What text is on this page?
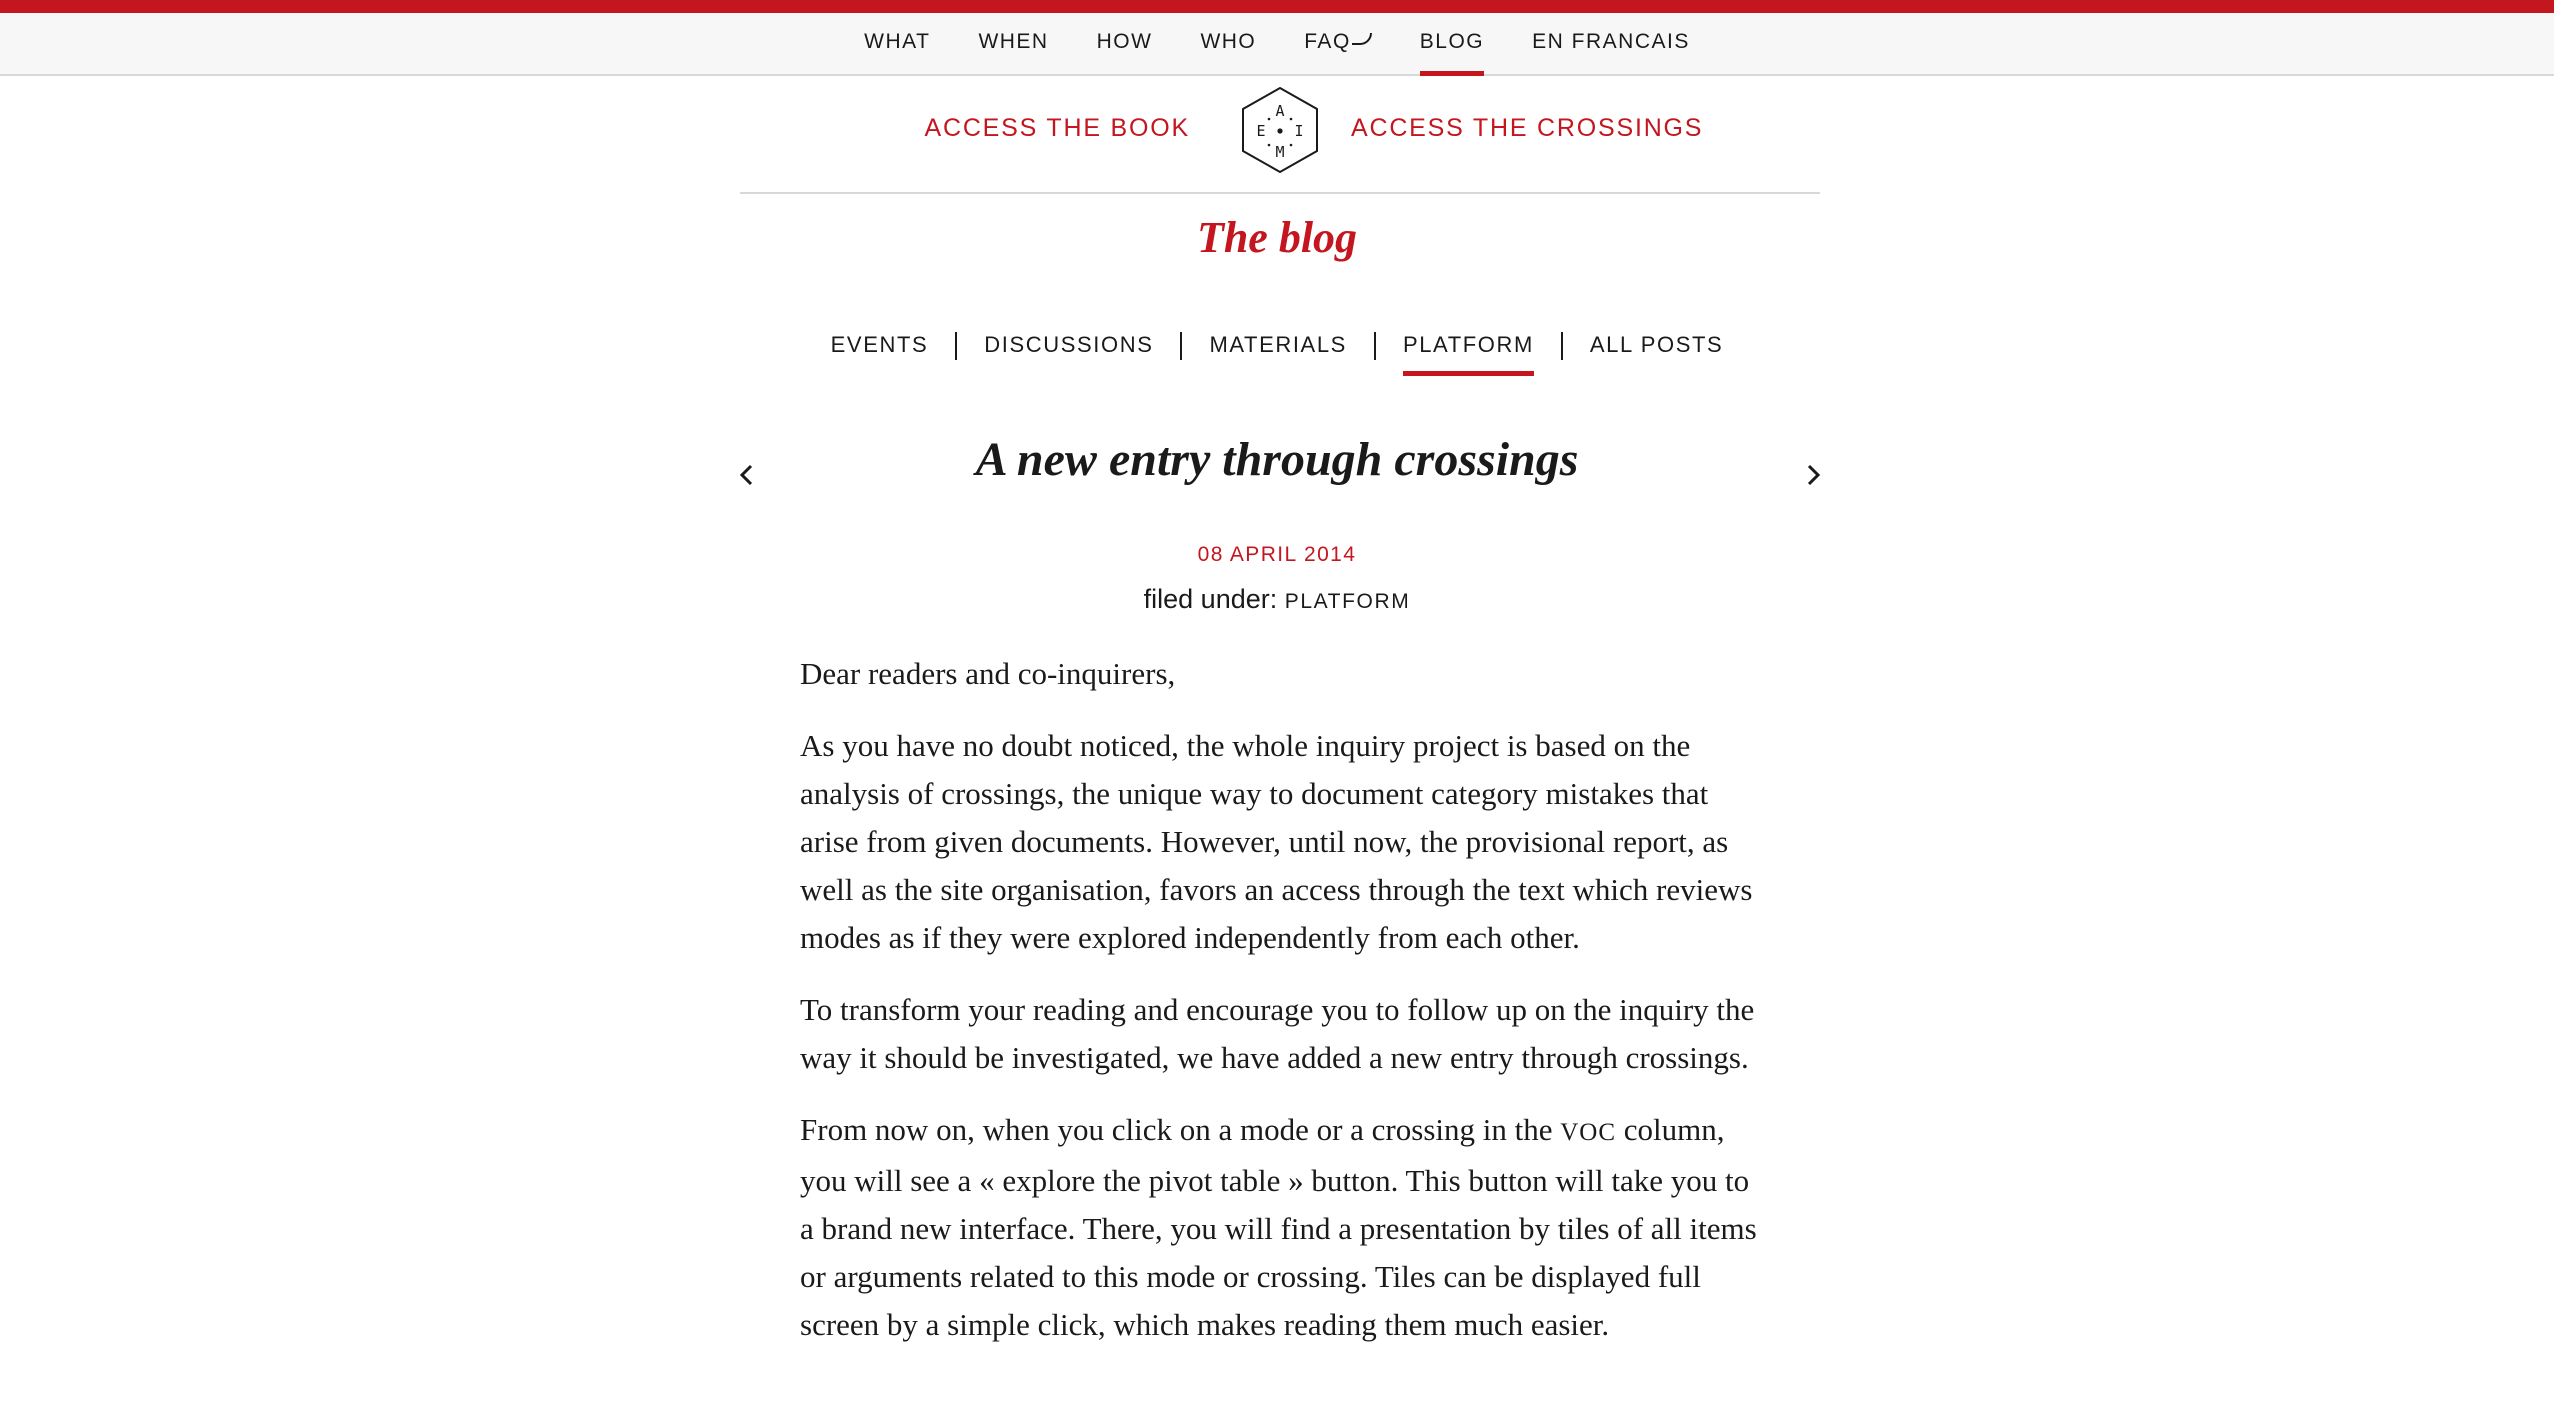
WHAT WHEN HOW WHO FAQ	BLOG EN FRANCAIS
ACCESS THE BOOK
A
E I
M
ACCESS THE CROSSINGS
The blog
EVENTS	DISCUSSIONS	MATERIALS	PLATFORM	ALL POSTS
A new entry through crossings
08 APRIL 2014
filed under: PLATFORM

Dear readers and co-inquirers,

As you have no doubt noticed, the whole inquiry project is based on the analysis of crossings, the unique way to document category mistakes that arise from given documents. However, until now, the provisional report, as well as the site organisation, favors an access through the text which reviews modes as if they were explored independently from each other.

To transform your reading and encourage you to follow up on the inquiry the way it should be investigated, we have added a new entry through crossings.

From now on, when you click on a mode or a crossing in the VOC column, you will see a « explore the pivot table » button. This button will take you to a brand new interface. There, you will find a presentation by tiles of all items or arguments related to this mode or crossing. Tiles can be displayed full screen by a simple click, which makes reading them much easier.
